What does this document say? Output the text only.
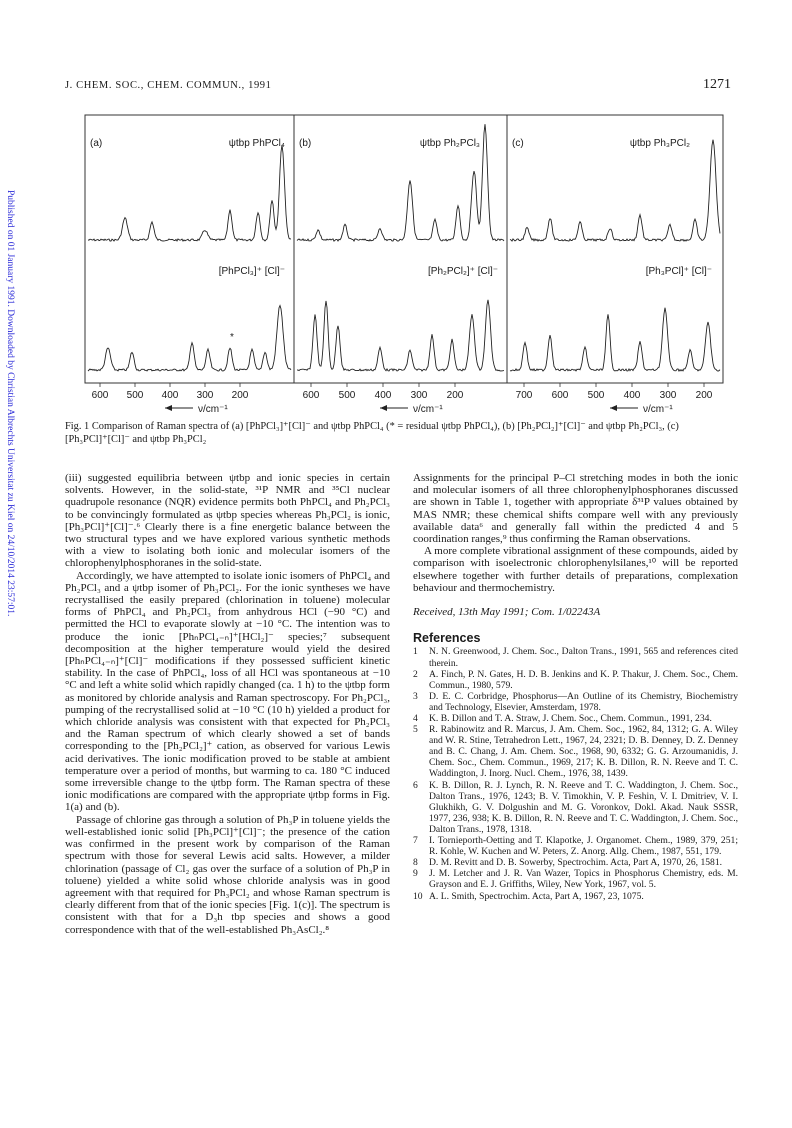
J. CHEM. SOC., CHEM. COMMUN., 1991	1271
Published on 01 January 1991. Downloaded by Christian Albrechts Universitat zu Kiel on 24/10/2014 23:57:01.
(a)	ψtbp PhPCl₄
[PhPCl₃]⁺ [Cl]⁻
(b)	ψtbp Ph₂PCl₃
[Ph₂PCl₂]⁺ [Cl]⁻
(c)	ψtbp Ph₃PCl₂
[Ph₃PCl]⁺ [Cl]⁻
*
600 500 400 300 200	600 500 400 300 200	700 600 500 400 300 200
ν/cm⁻¹	ν/cm⁻¹	ν/cm⁻¹
Fig. 1 Comparison of Raman spectra of (a) [PhPCl₃]⁺[Cl]⁻ and ψtbp PhPCl₄ (* = residual ψtbp PhPCl₄), (b) [Ph₂PCl₂]⁺[Cl]⁻ and ψtbp Ph₂PCl₃, (c) [Ph₃PCl]⁺[Cl]⁻ and ψtbp Ph₃PCl₂

(iii) suggested equilibria between ψtbp and ionic species in certain solvents. However, in the solid-state, ³¹P NMR and ³⁵Cl nuclear quadrupole resonance (NQR) evidence permits both PhPCl₄ and Ph₂PCl₃ to be convincingly formulated as ψtbp species whereas Ph₃PCl₂ is ionic, [Ph₃PCl]⁺[Cl]⁻.⁶ Clearly there is a fine energetic balance between the two structural types and we have explored various synthetic methods with a view to isolating both ionic and molecular isomers of the chlorophenylphosphoranes in the solid-state.

Accordingly, we have attempted to isolate ionic isomers of PhPCl₄ and Ph₂PCl₃ and a ψtbp isomer of Ph₃PCl₂. For the ionic syntheses we have recrystallised the easily prepared (chlorination in toluene) molecular forms of PhPCl₄ and Ph₂PCl₃ from anhydrous HCl (−90 °C) and permitted the HCl to evaporate slowly at −10 °C. The intention was to produce the ionic [PhₙPCl₄₋ₙ]⁺[HCl₂]⁻ species;⁷ subsequent decomposition at the higher temperature would yield the desired [PhₙPCl₄₋ₙ]⁺[Cl]⁻ modifications if they possessed sufficient kinetic stability. In the case of PhPCl₄, loss of all HCl was spontaneous at −10 °C and left a white solid which rapidly changed (ca. 1 h) to the ψtbp form as monitored by chloride analysis and Raman spectroscopy. For Ph₂PCl₃, pumping of the recrystallised solid at −10 °C (10 h) yielded a product for which chloride analysis was consistent with that expected for Ph₂PCl₃ and the Raman spectrum of which clearly showed a set of bands corresponding to the [Ph₂PCl₂]⁺ cation, as observed for various Lewis acid derivatives. The ionic modification proved to be stable at ambient temperature over a period of months, but warming to ca. 180 °C induced some irreversible change to the ψtbp form. The Raman spectra of these ionic modifications are compared with the appropriate ψtbp forms in Fig. 1(a) and (b).

Passage of chlorine gas through a solution of Ph₃P in toluene yields the well-established ionic solid [Ph₃PCl]⁺[Cl]⁻; the presence of the cation was confirmed in the present work by comparison of the Raman spectrum with those for several Lewis acid salts. However, a milder chlorination (passage of Cl₂ gas over the surface of a solution of Ph₃P in toluene) yielded a white solid whose chloride analysis was in good agreement with that required for Ph₃PCl₂ and whose Raman spectrum is clearly different from that of the ionic species [Fig. 1(c)]. The spectrum is consistent with that for a D₃h tbp species and shows a good correspondence with that of the well-established Ph₃AsCl₂.⁸

Assignments for the principal P–Cl stretching modes in both the ionic and molecular isomers of all three chlorophenylphosphoranes discussed are shown in Table 1, together with appropriate δ³¹P values obtained by MAS NMR; these chemical shifts compare well with any previously available data⁶ and generally fall within the predicted 4 and 5 coordination ranges,⁹ thus confirming the Raman observations.

A more complete vibrational assignment of these compounds, aided by comparison with isoelectronic chlorophenylsilanes,¹⁰ will be reported elsewhere together with further details of preparations, complexation behaviour and thermochemistry.

Received, 13th May 1991; Com. 1/02243A

References
1 N. N. Greenwood, J. Chem. Soc., Dalton Trans., 1991, 565 and references cited therein.
2 A. Finch, P. N. Gates, H. D. B. Jenkins and K. P. Thakur, J. Chem. Soc., Chem. Commun., 1980, 579.
3 D. E. C. Corbridge, Phosphorus—An Outline of its Chemistry, Biochemistry and Technology, Elsevier, Amsterdam, 1978.
4 K. B. Dillon and T. A. Straw, J. Chem. Soc., Chem. Commun., 1991, 234.
5 R. Rabinowitz and R. Marcus, J. Am. Chem. Soc., 1962, 84, 1312; G. A. Wiley and W. R. Stine, Tetrahedron Lett., 1967, 24, 2321; D. B. Denney, D. Z. Denney and B. C. Chang, J. Am. Chem. Soc., 1968, 90, 6332; G. G. Arzoumanidis, J. Chem. Soc., Chem. Commun., 1969, 217; K. B. Dillon, R. N. Reeve and T. C. Waddington, J. Inorg. Nucl. Chem., 1976, 38, 1439.
6 K. B. Dillon, R. J. Lynch, R. N. Reeve and T. C. Waddington, J. Chem. Soc., Dalton Trans., 1976, 1243; B. V. Timokhin, V. P. Feshin, V. I. Dmitriev, V. I. Glukhikh, G. V. Dolgushin and M. G. Voronkov, Dokl. Akad. Nauk SSSR, 1977, 236, 938; K. B. Dillon, R. N. Reeve and T. C. Waddington, J. Chem. Soc., Dalton Trans., 1978, 1318.
7 I. Tornieporth-Oetting and T. Klapotke, J. Organomet. Chem., 1989, 379, 251; R. Kohle, W. Kuchen and W. Peters, Z. Anorg. Allg. Chem., 1987, 551, 179.
8 D. M. Revitt and D. B. Sowerby, Spectrochim. Acta, Part A, 1970, 26, 1581.
9 J. M. Letcher and J. R. Van Wazer, Topics in Phosphorus Chemistry, eds. M. Grayson and E. J. Griffiths, Wiley, New York, 1967, vol. 5.
10 A. L. Smith, Spectrochim. Acta, Part A, 1967, 23, 1075.
